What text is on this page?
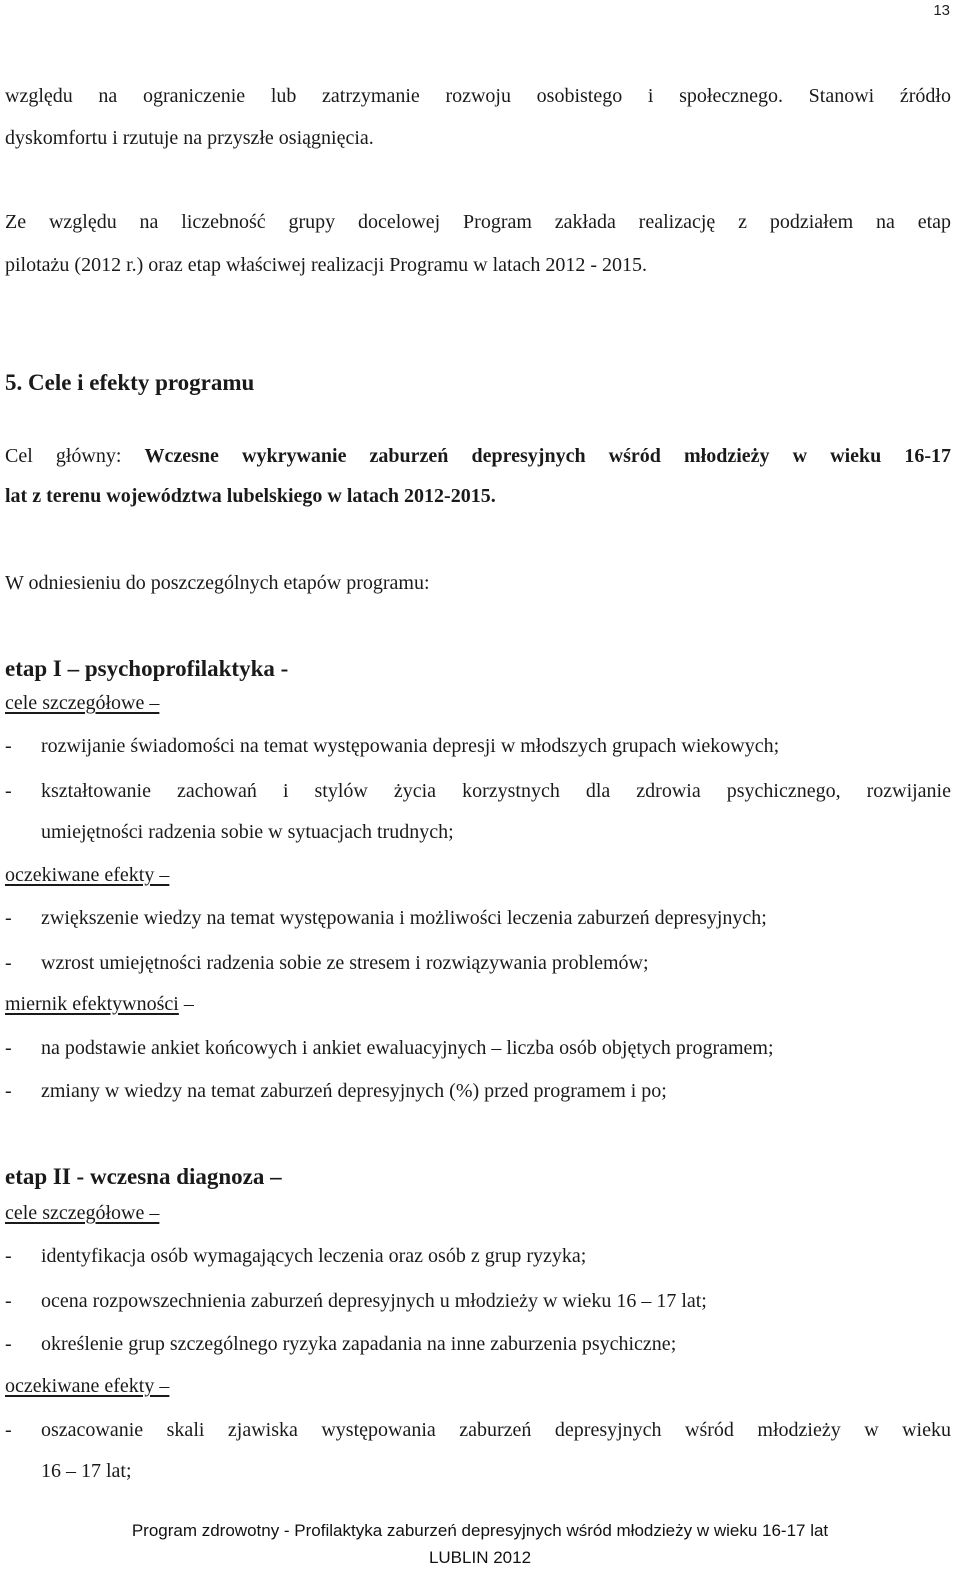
13

względu na ograniczenie lub zatrzymanie rozwoju osobistego i społecznego. Stanowi źródło

dyskomfortu i rzutuje na przyszłe osiągnięcia.

Ze względu na liczebność grupy docelowej Program zakłada realizację z podziałem na etap

pilotażu (2012 r.) oraz etap właściwej realizacji Programu w latach 2012 - 2015.

5. Cele i efekty programu

Cel główny: Wczesne wykrywanie zaburzeń depresyjnych wśród młodzieży w wieku 16-17

lat z terenu województwa lubelskiego w latach 2012-2015.

W odniesieniu do poszczególnych etapów programu:

etap I – psychoprofilaktyka -
cele szczegółowe –
- rozwijanie świadomości na temat występowania depresji w młodszych grupach wiekowych;
- kształtowanie zachowań i stylów życia korzystnych dla zdrowia psychicznego, rozwijanie
umiejętności radzenia sobie w sytuacjach trudnych;
oczekiwane efekty –
- zwiększenie wiedzy na temat występowania i możliwości leczenia zaburzeń depresyjnych;
- wzrost umiejętności radzenia sobie ze stresem i rozwiązywania problemów;
miernik efektywności –
- na podstawie ankiet końcowych i ankiet ewaluacyjnych – liczba osób objętych programem;
- zmiany w wiedzy na temat zaburzeń depresyjnych (%) przed programem i po;
etap II - wczesna diagnoza –
cele szczegółowe –
- identyfikacja osób wymagających leczenia oraz osób z grup ryzyka;
- ocena rozpowszechnienia zaburzeń depresyjnych u młodzieży w wieku 16 – 17 lat;
- określenie grup szczególnego ryzyka zapadania na inne zaburzenia psychiczne;
oczekiwane efekty –
- oszacowanie skali zjawiska występowania zaburzeń depresyjnych wśród młodzieży w wieku
16 – 17 lat;
Program zdrowotny - Profilaktyka zaburzeń depresyjnych wśród młodzieży w wieku 16-17 lat
LUBLIN 2012
